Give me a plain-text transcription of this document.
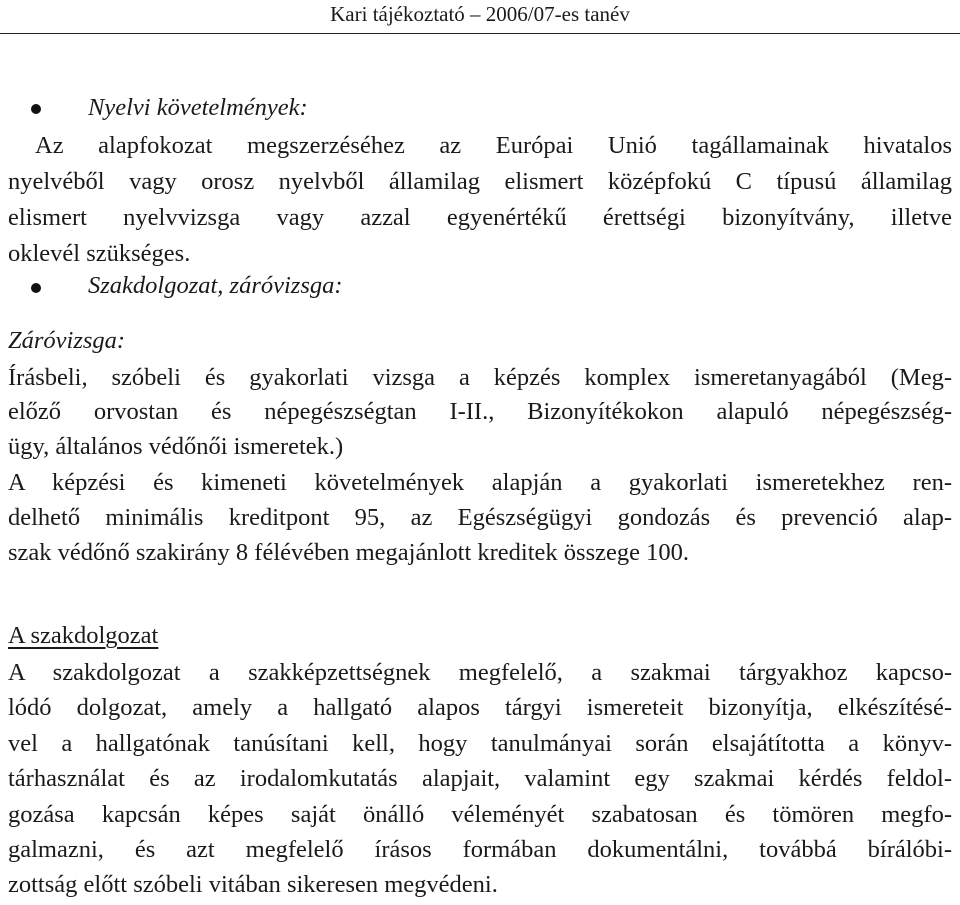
Kari tájékoztató – 2006/07-es tanév
Nyelvi követelmények:
Az alapfokozat megszerzéséhez az Európai Unió tagállamainak hivatalos
nyelvéből vagy orosz nyelvből államilag elismert középfokú C típusú államilag
elismert nyelvvizsga vagy azzal egyenértékű érettségi bizonyítvány, illetve
oklevél szükséges.
Szakdolgozat, záróvizsga:
Záróvizsga:
Írásbeli, szóbeli és gyakorlati vizsga a képzés komplex ismeretanyagából (Meg-
előző orvostan és népegészségtan I-II., Bizonyítékokon alapuló népegészség-
ügy, általános védőnői ismeretek.)
A képzési és kimeneti követelmények alapján a gyakorlati ismeretekhez ren-
delhető minimális kreditpont 95, az Egészségügyi gondozás és prevenció alap-
szak védőnő szakirány 8 félévében megajánlott kreditek összege 100.
A szakdolgozat
A szakdolgozat a szakképzettségnek megfelelő, a szakmai tárgyakhoz kapcso-
lódó dolgozat, amely a hallgató alapos tárgyi ismereteit bizonyítja, elkészítésé-
vel a hallgatónak tanúsítani kell, hogy tanulmányai során elsajátította a könyv-
tárhasználat és az irodalomkutatás alapjait, valamint egy szakmai kérdés feldol-
gozása kapcsán képes saját önálló véleményét szabatosan és tömören megfo-
galmazni, és azt megfelelő írásos formában dokumentálni, továbbá bírálóbi-
zottság előtt szóbeli vitában sikeresen megvédeni.
